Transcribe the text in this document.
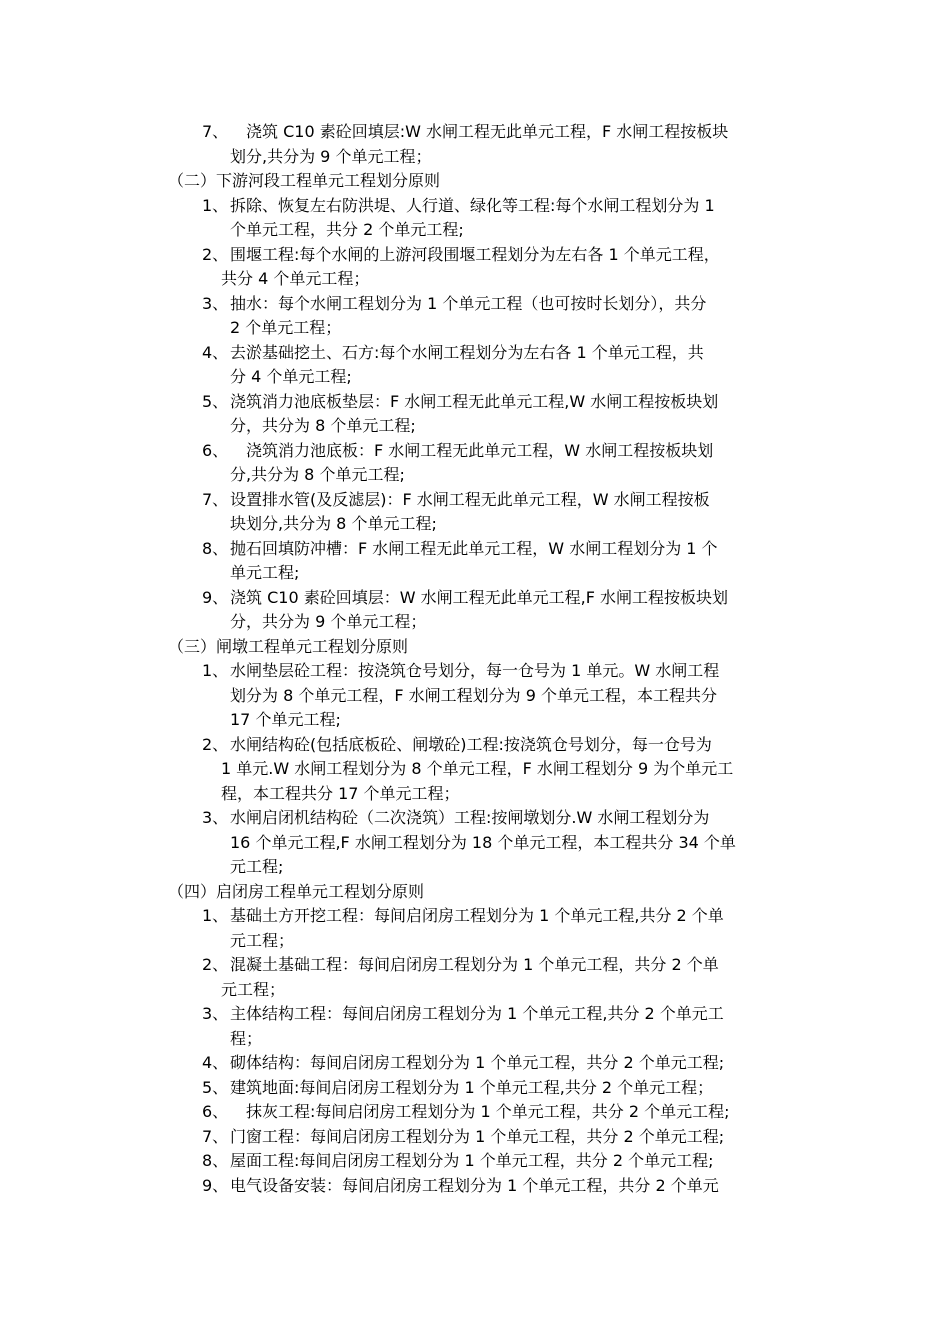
7、 　浇筑 C10 素砼回填层:W 水闸工程无此单元工程，F 水闸工程按板块
划分,共分为 9 个单元工程；
（二）下游河段工程单元工程划分原则
1、 拆除、恢复左右防洪堤、人行道、绿化等工程:每个水闸工程划分为 1
个单元工程，共分 2 个单元工程;
2、 围堰工程:每个水闸的上游河段围堰工程划分为左右各 1 个单元工程，
共分 4 个单元工程；
3、 抽水：每个水闸工程划分为 1 个单元工程（也可按时长划分），共分
2 个单元工程；
4、 去淤基础挖土、石方:每个水闸工程划分为左右各 1 个单元工程，共
分 4 个单元工程;
5、 浇筑消力池底板垫层：F 水闸工程无此单元工程,W 水闸工程按板块划
分，共分为 8 个单元工程;
6、 　浇筑消力池底板：F 水闸工程无此单元工程，W 水闸工程按板块划
分,共分为 8 个单元工程;
7、 设置排水管(及反滤层)：F 水闸工程无此单元工程，W 水闸工程按板
块划分,共分为 8 个单元工程;
8、 抛石回填防冲槽：F 水闸工程无此单元工程，W 水闸工程划分为 1 个
单元工程;
9、 浇筑 C10 素砼回填层：W 水闸工程无此单元工程,F 水闸工程按板块划
分，共分为 9 个单元工程；
（三）闸墩工程单元工程划分原则
1、 水闸垫层砼工程：按浇筑仓号划分，每一仓号为 1 单元。W 水闸工程
划分为 8 个单元工程，F 水闸工程划分为 9 个单元工程，本工程共分
17 个单元工程;
2、 水闸结构砼(包括底板砼、闸墩砼)工程:按浇筑仓号划分，每一仓号为
1 单元.W 水闸工程划分为 8 个单元工程，F 水闸工程划分 9 为个单元工
程，本工程共分 17 个单元工程；
3、 水闸启闭机结构砼（二次浇筑）工程:按闸墩划分.W 水闸工程划分为
16 个单元工程,F 水闸工程划分为 18 个单元工程，本工程共分 34 个单
元工程;
（四）启闭房工程单元工程划分原则
1、 基础土方开挖工程：每间启闭房工程划分为 1 个单元工程,共分 2 个单
元工程；
2、 混凝土基础工程：每间启闭房工程划分为 1 个单元工程，共分 2 个单
元工程；
3、 主体结构工程：每间启闭房工程划分为 1 个单元工程,共分 2 个单元工
程；
4、 砌体结构：每间启闭房工程划分为 1 个单元工程，共分 2 个单元工程;
5、 建筑地面:每间启闭房工程划分为 1 个单元工程,共分 2 个单元工程；
6、 　抹灰工程:每间启闭房工程划分为 1 个单元工程，共分 2 个单元工程;
7、 门窗工程：每间启闭房工程划分为 1 个单元工程，共分 2 个单元工程;
8、 屋面工程:每间启闭房工程划分为 1 个单元工程，共分 2 个单元工程;
9、 电气设备安装：每间启闭房工程划分为 1 个单元工程，共分 2 个单元
